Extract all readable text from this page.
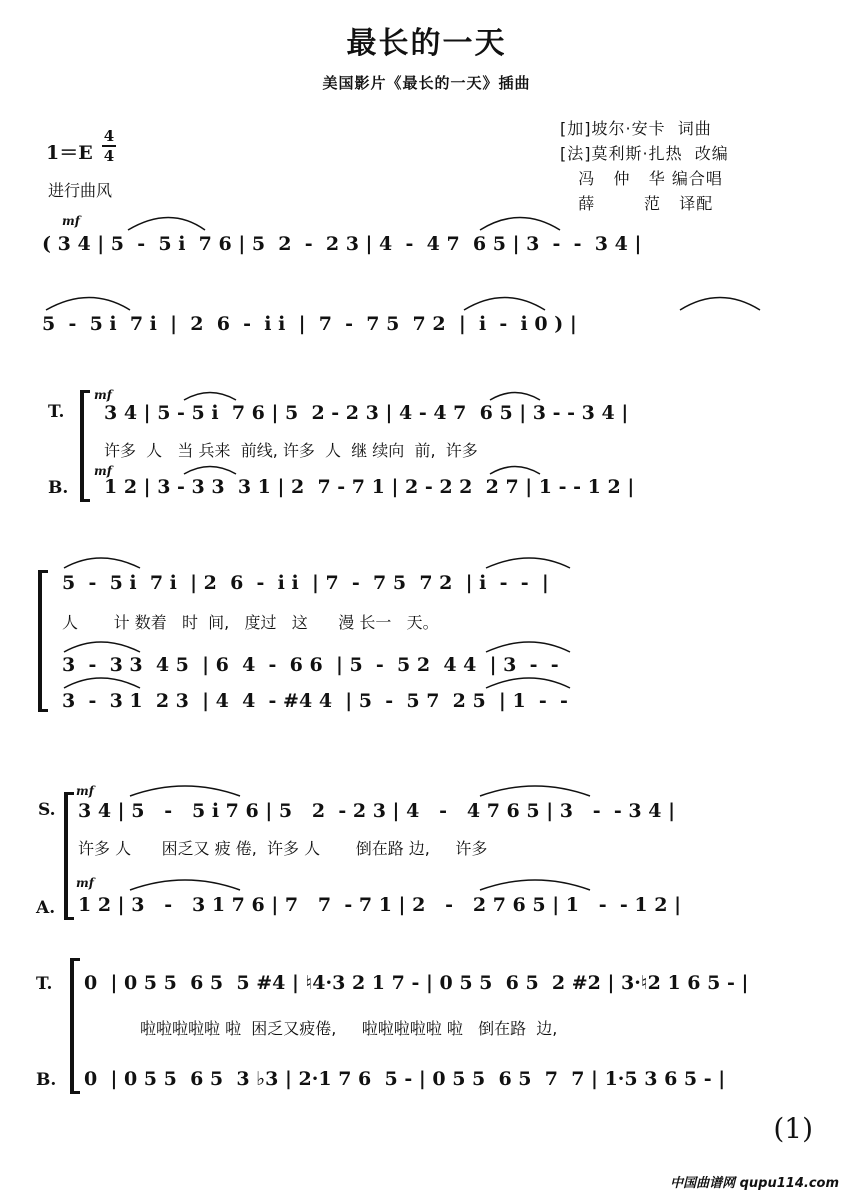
最长的一天
美国影片《最长的一天》插曲
1＝E
4
4
进行曲风
[加]坡尔·安卡  词曲
[法]莫利斯·扎热  改编
冯   仲   华 编合唱
薛        范   译配
mf
( 3 4 | 5  -  5 i  7 6 | 5  2  -  2 3 | 4  -  4 7  6 5 | 3  -  -  3 4 |
5  -  5 i  7 i  |  2  6  -  i i  |  7  -  7 5  7 2  |  i  -  i 0 ) |
T.
mf
3 4 | 5 - 5 i  7 6 | 5  2 - 2 3 | 4 - 4 7  6 5 | 3 - - 3 4 |
许多  人   当 兵来  前线, 许多  人  继 续向  前,  许多
B.
mf
1 2 | 3 - 3 3  3 1 | 2  7 - 7 1 | 2 - 2 2  2 7 | 1 - - 1 2 |
5  -  5 i  7 i  | 2  6  -  i i  | 7  -  7 5  7 2  | i  -  -  |
人       计 数着   时  间,   度过   这      漫 长一   天。
3  -  3 3  4 5  | 6  4  -  6 6  | 5  -  5 2  4 4  | 3  -  -
3  -  3 1  2 3  | 4  4  - #4 4  | 5  -  5 7  2 5  | 1  -  -
S.
mf
3 4 | 5   -   5 i 7 6 | 5   2  - 2 3 | 4   -   4 7 6 5 | 3   -  - 3 4 |
许多 人      困乏又 疲 倦,  许多 人       倒在路 边,     许多
A.
mf
1 2 | 3   -   3 1 7 6 | 7   7  - 7 1 | 2   -   2 7 6 5 | 1   -  - 1 2 |
T. 0  | 0 5 5  6 5  5 #4 | ♮4·3 2 1 7 - | 0 5 5  6 5  2 #2 | 3·♮2 1 6 5 - |
啦啦啦啦啦 啦  困乏又疲倦,     啦啦啦啦啦 啦   倒在路  边,
B. 0  | 0 5 5  6 5  3 ♭3 | 2·1 7 6  5 - | 0 5 5  6 5  7  7 | 1·5 3 6 5 - |
(1)
中国曲谱网 qupu114.com
